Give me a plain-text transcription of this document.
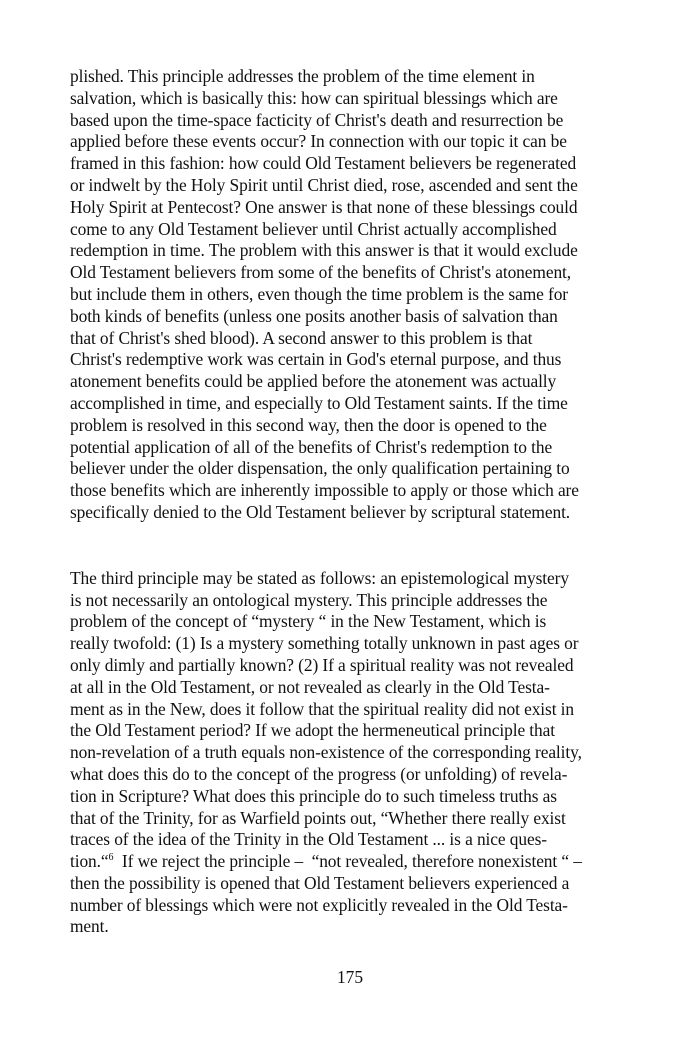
plished. This principle addresses the problem of the time element in
salvation, which is basically this: how can spiritual blessings which are
based upon the time-space facticity of Christ's death and resurrection be
applied before these events occur? In connection with our topic it can be
framed in this fashion: how could Old Testament believers be regenerated
or indwelt by the Holy Spirit until Christ died, rose, ascended and sent the
Holy Spirit at Pentecost? One answer is that none of these blessings could
come to any Old Testament believer until Christ actually accomplished
redemption in time. The problem with this answer is that it would exclude
Old Testament believers from some of the benefits of Christ's atonement,
but include them in others, even though the time problem is the same for
both kinds of benefits (unless one posits another basis of salvation than
that of Christ's shed blood). A second answer to this problem is that
Christ's redemptive work was certain in God's eternal purpose, and thus
atonement benefits could be applied before the atonement was actually
accomplished in time, and especially to Old Testament saints. If the time
problem is resolved in this second way, then the door is opened to the
potential application of all of the benefits of Christ's redemption to the
believer under the older dispensation, the only qualification pertaining to
those benefits which are inherently impossible to apply or those which are
specifically denied to the Old Testament believer by scriptural statement.

The third principle may be stated as follows: an epistemological mystery
is not necessarily an ontological mystery. This principle addresses the
problem of the concept of “mystery “ in the New Testament, which is
really twofold: (1) Is a mystery something totally unknown in past ages or
only dimly and partially known? (2) If a spiritual reality was not revealed
at all in the Old Testament, or not revealed as clearly in the Old Testa-
ment as in the New, does it follow that the spiritual reality did not exist in
the Old Testament period? If we adopt the hermeneutical principle that
non-revelation of a truth equals non-existence of the corresponding reality,
what does this do to the concept of the progress (or unfolding) of revela-
tion in Scripture? What does this principle do to such timeless truths as
that of the Trinity, for as Warfield points out, “Whether there really exist
traces of the idea of the Trinity in the Old Testament ... is a nice ques-
tion.“$^6$  If we reject the principle –  “not revealed, therefore nonexistent “ –
then the possibility is opened that Old Testament believers experienced a
number of blessings which were not explicitly revealed in the Old Testa-
ment.

175
